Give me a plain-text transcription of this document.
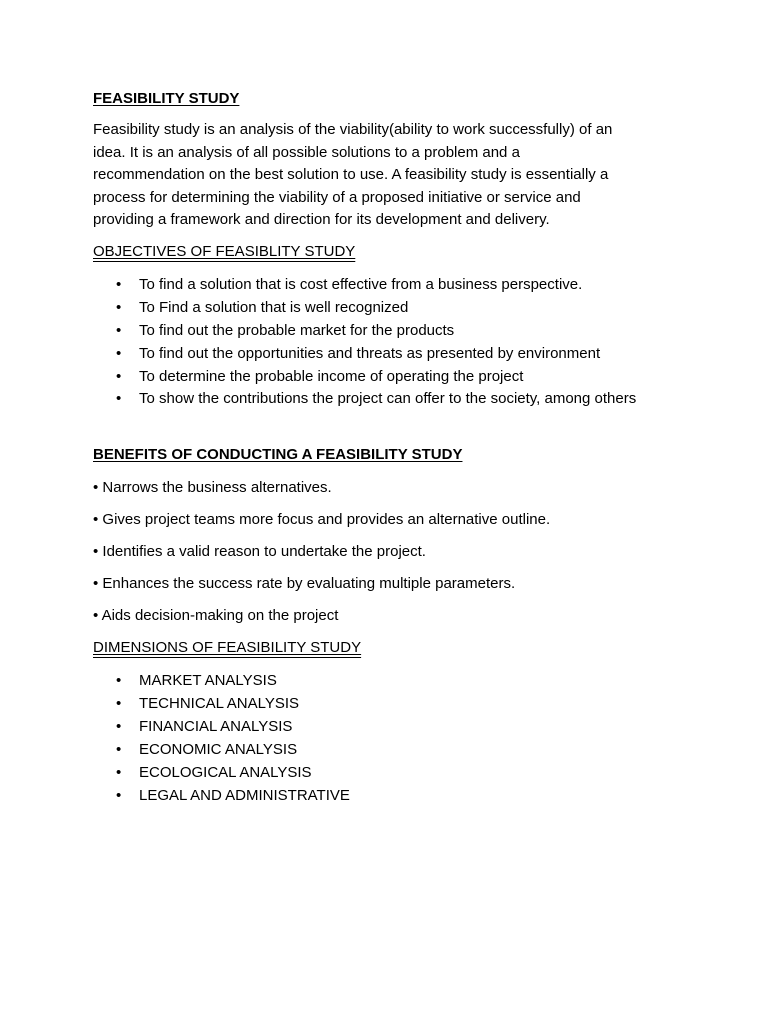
FEASIBILITY STUDY

Feasibility study is an analysis of the viability(ability to work successfully) of an
idea. It is an analysis of all possible solutions to a problem and a
recommendation on the best solution to use. A feasibility study is essentially a
process for determining the viability of a proposed initiative or service and
providing a framework and direction for its development and delivery.

OBJECTIVES OF FEASIBLITY STUDY

• To find a solution that is cost effective from a business perspective.
• To Find a solution that is well recognized
• To find out the probable market for the products
• To find out the opportunities and threats as presented by environment
• To determine the probable income of operating the project
• To show the contributions the project can offer to the society, among others

BENEFITS OF CONDUCTING A FEASIBILITY STUDY

• Narrows the business alternatives.

• Gives project teams more focus and provides an alternative outline.

• Identifies a valid reason to undertake the project.

• Enhances the success rate by evaluating multiple parameters.

• Aids decision-making on the project

DIMENSIONS OF FEASIBILITY STUDY

• MARKET ANALYSIS
• TECHNICAL ANALYSIS
• FINANCIAL ANALYSIS
• ECONOMIC ANALYSIS
• ECOLOGICAL ANALYSIS
• LEGAL AND ADMINISTRATIVE
